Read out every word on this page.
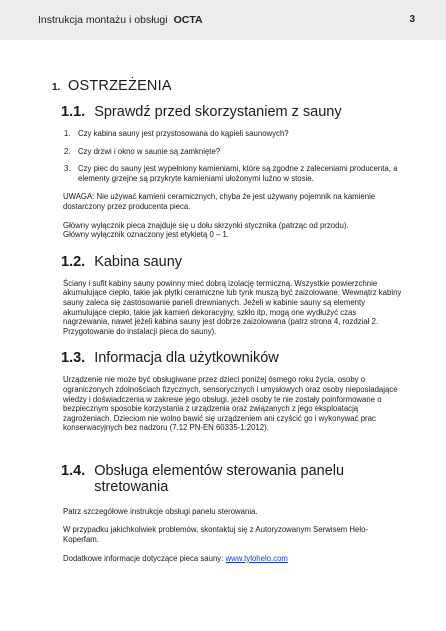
Instrukcja montażu i obsługi OCTA	3
1. OSTRZEŻENIA
1.1. Sprawdź przed skorzystaniem z sauny
1. Czy kabina sauny jest przystosowana do kąpieli saunowych?
2. Czy drzwi i okno w saunie są zamknięte?
3. Czy piec do sauny jest wypełniony kamieniami, które są zgodne z zaleceniami producenta, a elementy grzejne są przykryte kamieniami ułożonymi luźno w stosie.

UWAGA: Nie używać kamieni ceramicznych, chyba że jest używany pojemnik na kamienie dostarczony przez producenta pieca.

Główny wyłącznik pieca znajduje się u dołu skrzynki stycznika (patrząc od przodu).

Główny wyłącznik oznaczony jest etykietą 0 – 1.

1.2. Kabina sauny

Ściany i sufit kabiny sauny powinny mieć dobrą izolację termiczną. Wszystkie powierzchnie akumulujące ciepło, takie jak płytki ceramiczne lub tynk muszą być zaizolowane. Wewnątrz kabiny sauny zaleca się zastosowanie paneli drewnianych. Jeżeli w kabinie sauny są elementy akumulujące ciepło, takie jak kamień dekoracyjny, szkło itp, mogą one wydłużyć czas nagrzewania, nawet jeżeli kabina sauny jest dobrze zaizolowana (patrz strona 4, rozdział 2. Przygotowanie do instalacji pieca do sauny).

1.3. Informacja dla użytkowników

Urządzenie nie może być obsługiwane przez dzieci poniżej ósmego roku życia, osoby o ograniczonych zdolnościach fizycznych, sensorycznych i umysłowych oraz osoby nieposiadające wiedzy i doświadczenia w zakresie jego obsługi, jeżeli osoby te nie zostały poinformowane o bezpiecznym sposobie korzystania z urządzenia oraz związanych z jego eksploatacją zagrożeniach. Dzieciom nie wolno bawić się urządzeniem ani czyścić go i wykonywać prac konserwacyjnych bez nadzoru (7.12 PN-EN 60335-1:2012).

1.4. Obsługa elementów sterowania panelu stretowania

Patrz szczegółowe instrukcje obsługi panelu sterowania.

W przypadku jakichkolwiek problemów, skontaktuj się z Autoryzowanym Serwisem Helo-Koperfam.

Dodatkowe informacje dotyczące pieca sauny: www.tylohelo.com
